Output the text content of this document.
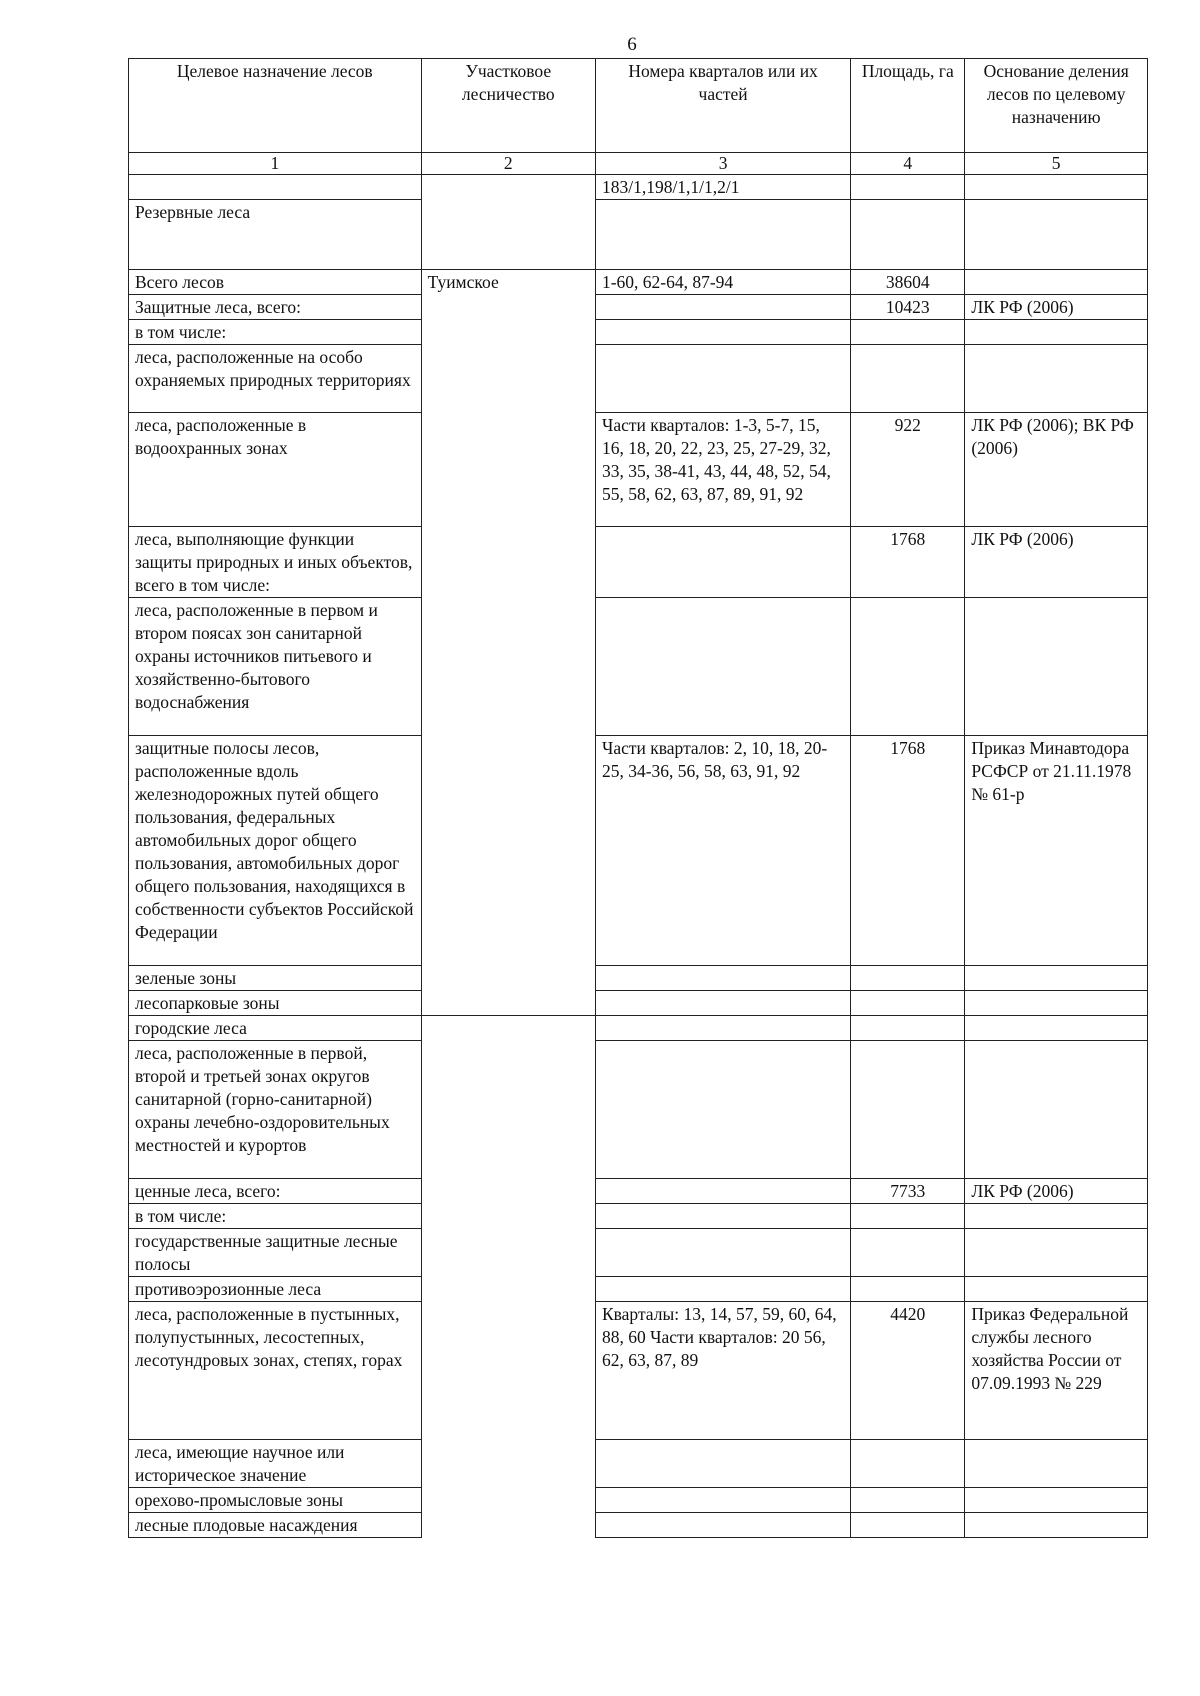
6
Целевое назначение лесов	Участковое лесничество	Номера кварталов или их частей	Площадь, га	Основание деления лесов по целевому назначению
1	2	3	4	5
		183/1,198/1,1/1,2/1		
Резервные леса				
Всего лесов	Туимское	1-60, 62-64, 87-94	38604	
Защитные леса, всего:			10423	ЛК РФ (2006)
в том числе:				
леса, расположенные на особо охраняемых природных территориях				
леса, расположенные в водоохранных зонах		Части кварталов: 1-3, 5-7, 15, 16, 18, 20, 22, 23, 25, 27-29, 32, 33, 35, 38-41, 43, 44, 48, 52, 54, 55, 58, 62, 63, 87, 89, 91, 92	922	ЛК РФ (2006); ВК РФ (2006)
леса, выполняющие функции защиты природных и иных объектов, всего в том числе:			1768	ЛК РФ (2006)
леса, расположенные в первом и втором поясах зон санитарной охраны источников питьевого и хозяйственно-бытового водоснабжения				
защитные полосы лесов, расположенные вдоль железнодорожных путей общего пользования, федеральных автомобильных дорог общего пользования, автомобильных дорог общего пользования, находящихся в собственности субъектов Российской Федерации		Части кварталов: 2, 10, 18, 20-25, 34-36, 56, 58, 63, 91, 92	1768	Приказ Минавтодора РСФСР от 21.11.1978 № 61-р
зеленые зоны				
лесопарковые зоны				
городские леса				
леса, расположенные в первой, второй и третьей зонах округов санитарной (горно-санитарной) охраны лечебно-оздоровительных местностей и курортов				
ценные леса, всего:			7733	ЛК РФ (2006)
в том числе:				
государственные защитные лесные полосы				
противоэрозионные леса				
леса, расположенные в пустынных, полупустынных, лесостепных, лесотундровых зонах, степях, горах		Кварталы: 13, 14, 57, 59, 60, 64, 88, 60 Части кварталов: 20 56, 62, 63, 87, 89	4420	Приказ Федеральной службы лесного хозяйства России от 07.09.1993 № 229
леса, имеющие научное или историческое значение				
орехово-промысловые зоны				
лесные плодовые насаждения				
